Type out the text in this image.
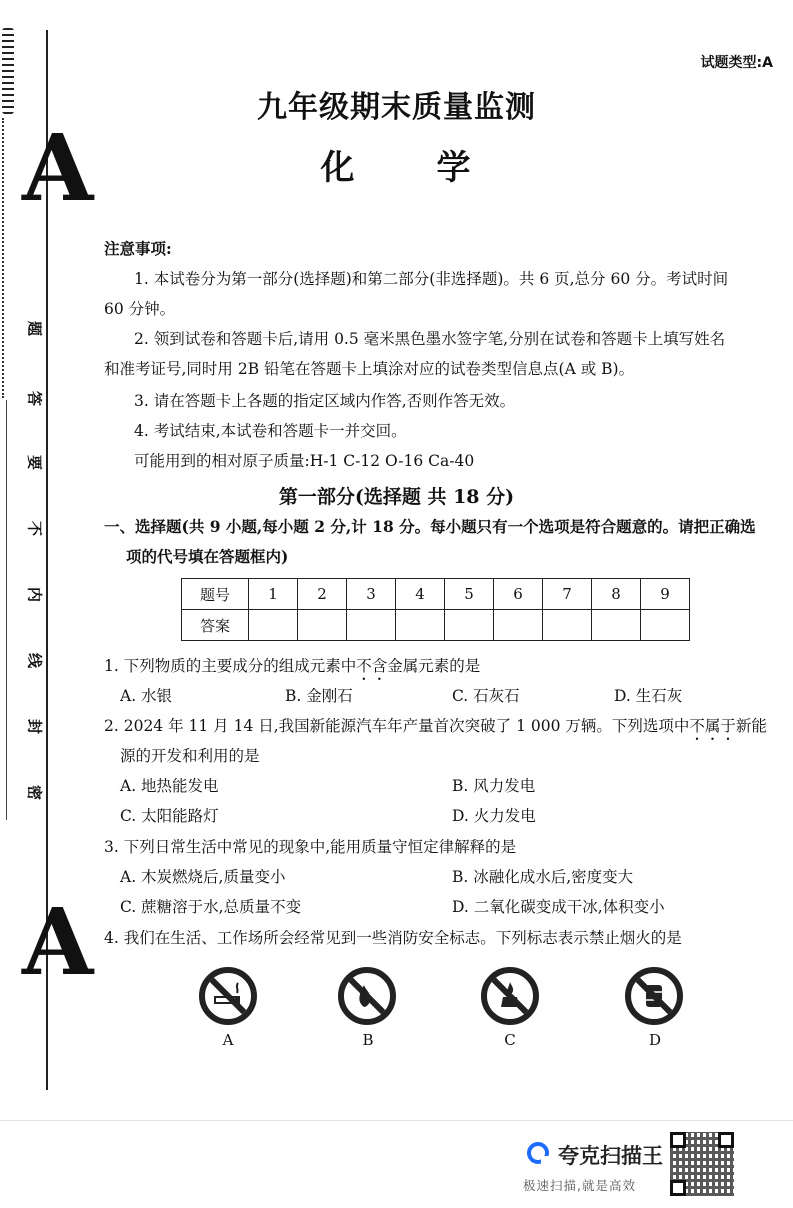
A
A
题
答
要
不
内
线
封
密
试题类型:A
九年级期末质量监测
化 学
注意事项:
1. 本试卷分为第一部分(选择题)和第二部分(非选择题)。共 6 页,总分 60 分。考试时间
60 分钟。
2. 领到试卷和答题卡后,请用 0.5 毫米黑色墨水签字笔,分别在试卷和答题卡上填写姓名
和准考证号,同时用 2B 铅笔在答题卡上填涂对应的试卷类型信息点(A 或 B)。
3. 请在答题卡上各题的指定区域内作答,否则作答无效。
4. 考试结束,本试卷和答题卡一并交回。
可能用到的相对原子质量:H-1 C-12 O-16 Ca-40
第一部分(选择题 共 18 分)
一、选择题(共 9 小题,每小题 2 分,计 18 分。每小题只有一个选项是符合题意的。请把正确选
项的代号填在答题框内)
题号	1	2	3	4	5	6	7	8	9
答案									
1. 下列物质的主要成分的组成元素中不含金属元素的是
A. 水银	B. 金刚石	C. 石灰石	D. 生石灰
2. 2024 年 11 月 14 日,我国新能源汽车年产量首次突破了 1 000 万辆。下列选项中不属于新能
源的开发和利用的是
A. 地热能发电	B. 风力发电
C. 太阳能路灯	D. 火力发电
3. 下列日常生活中常见的现象中,能用质量守恒定律解释的是
A. 木炭燃烧后,质量变小	B. 冰融化成水后,密度变大
C. 蔗糖溶于水,总质量不变	D. 二氧化碳变成干冰,体积变小
4. 我们在生活、工作场所会经常见到一些消防安全标志。下列标志表示禁止烟火的是
A	B	C	D
夸克扫描王
极速扫描,就是高效
